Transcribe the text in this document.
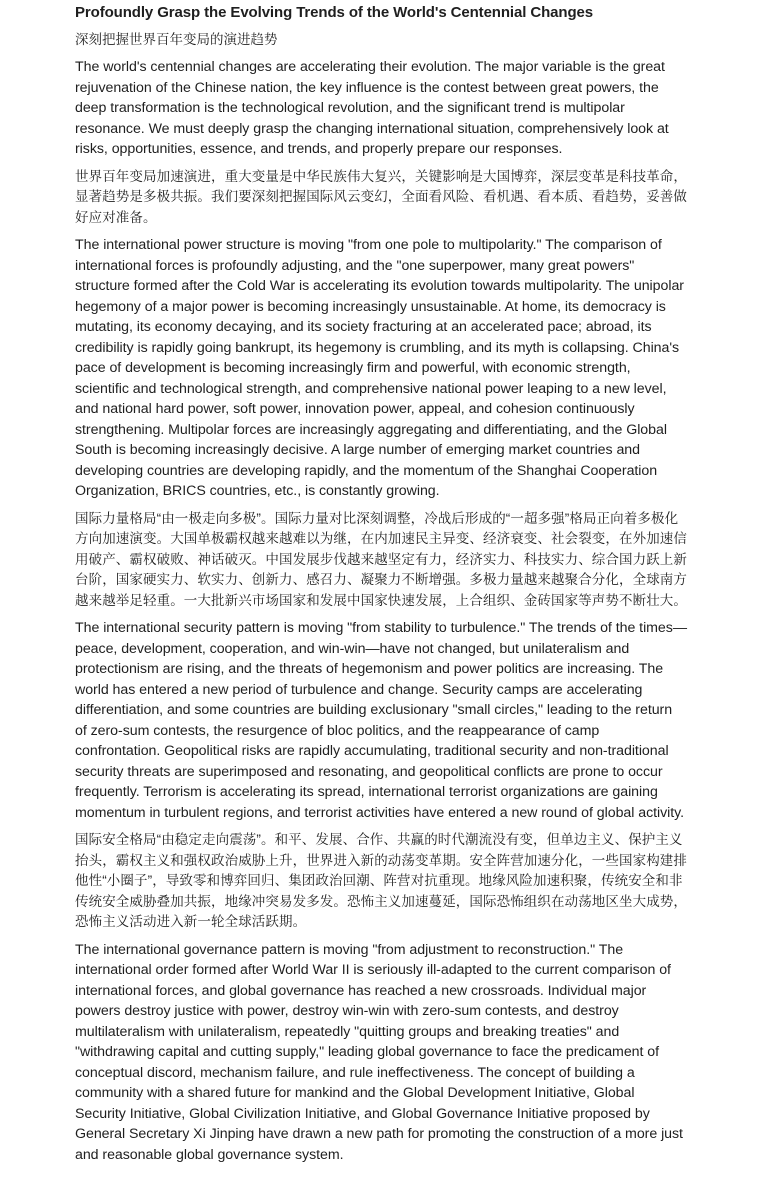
Profoundly Grasp the Evolving Trends of the World's Centennial Changes

深刻把握世界百年变局的演进趋势

The world's centennial changes are accelerating their evolution. The major variable is the great rejuvenation of the Chinese nation, the key influence is the contest between great powers, the deep transformation is the technological revolution, and the significant trend is multipolar resonance. We must deeply grasp the changing international situation, comprehensively look at risks, opportunities, essence, and trends, and properly prepare our responses.

世界百年变局加速演进，重大变量是中华民族伟大复兴，关键影响是大国博弈，深层变革是科技革命，显著趋势是多极共振。我们要深刻把握国际风云变幻，全面看风险、看机遇、看本质、看趋势，妥善做好应对准备。

The international power structure is moving "from one pole to multipolarity." The comparison of international forces is profoundly adjusting, and the "one superpower, many great powers" structure formed after the Cold War is accelerating its evolution towards multipolarity. The unipolar hegemony of a major power is becoming increasingly unsustainable. At home, its democracy is mutating, its economy decaying, and its society fracturing at an accelerated pace; abroad, its credibility is rapidly going bankrupt, its hegemony is crumbling, and its myth is collapsing. China's pace of development is becoming increasingly firm and powerful, with economic strength, scientific and technological strength, and comprehensive national power leaping to a new level, and national hard power, soft power, innovation power, appeal, and cohesion continuously strengthening. Multipolar forces are increasingly aggregating and differentiating, and the Global South is becoming increasingly decisive. A large number of emerging market countries and developing countries are developing rapidly, and the momentum of the Shanghai Cooperation Organization, BRICS countries, etc., is constantly growing.

国际力量格局“由一极走向多极”。国际力量对比深刻调整，冷战后形成的“一超多强”格局正向着多极化方向加速演变。大国单极霸权越来越难以为继，在内加速民主异变、经济衰变、社会裂变，在外加速信用破产、霸权破败、神话破灭。中国发展步伐越来越坚定有力，经济实力、科技实力、综合国力跃上新台阶，国家硬实力、软实力、创新力、感召力、凝聚力不断增强。多极力量越来越聚合分化，全球南方越来越举足轻重。一大批新兴市场国家和发展中国家快速发展，上合组织、金砖国家等声势不断壮大。

The international security pattern is moving "from stability to turbulence." The trends of the times—peace, development, cooperation, and win-win—have not changed, but unilateralism and protectionism are rising, and the threats of hegemonism and power politics are increasing. The world has entered a new period of turbulence and change. Security camps are accelerating differentiation, and some countries are building exclusionary "small circles," leading to the return of zero-sum contests, the resurgence of bloc politics, and the reappearance of camp confrontation. Geopolitical risks are rapidly accumulating, traditional security and non-traditional security threats are superimposed and resonating, and geopolitical conflicts are prone to occur frequently. Terrorism is accelerating its spread, international terrorist organizations are gaining momentum in turbulent regions, and terrorist activities have entered a new round of global activity.

国际安全格局“由稳定走向震荡”。和平、发展、合作、共赢的时代潮流没有变，但单边主义、保护主义抬头，霸权主义和强权政治威胁上升，世界进入新的动荡变革期。安全阵营加速分化，一些国家构建排他性“小圈子”，导致零和博弈回归、集团政治回潮、阵营对抗重现。地缘风险加速积聚，传统安全和非传统安全威胁叠加共振，地缘冲突易发多发。恐怖主义加速蔓延，国际恐怖组织在动荡地区坐大成势，恐怖主义活动进入新一轮全球活跃期。

The international governance pattern is moving "from adjustment to reconstruction." The international order formed after World War II is seriously ill-adapted to the current comparison of international forces, and global governance has reached a new crossroads. Individual major powers destroy justice with power, destroy win-win with zero-sum contests, and destroy multilateralism with unilateralism, repeatedly "quitting groups and breaking treaties" and "withdrawing capital and cutting supply," leading global governance to face the predicament of conceptual discord, mechanism failure, and rule ineffectiveness. The concept of building a community with a shared future for mankind and the Global Development Initiative, Global Security Initiative, Global Civilization Initiative, and Global Governance Initiative proposed by General Secretary Xi Jinping have drawn a new path for promoting the construction of a more just and reasonable global governance system.
